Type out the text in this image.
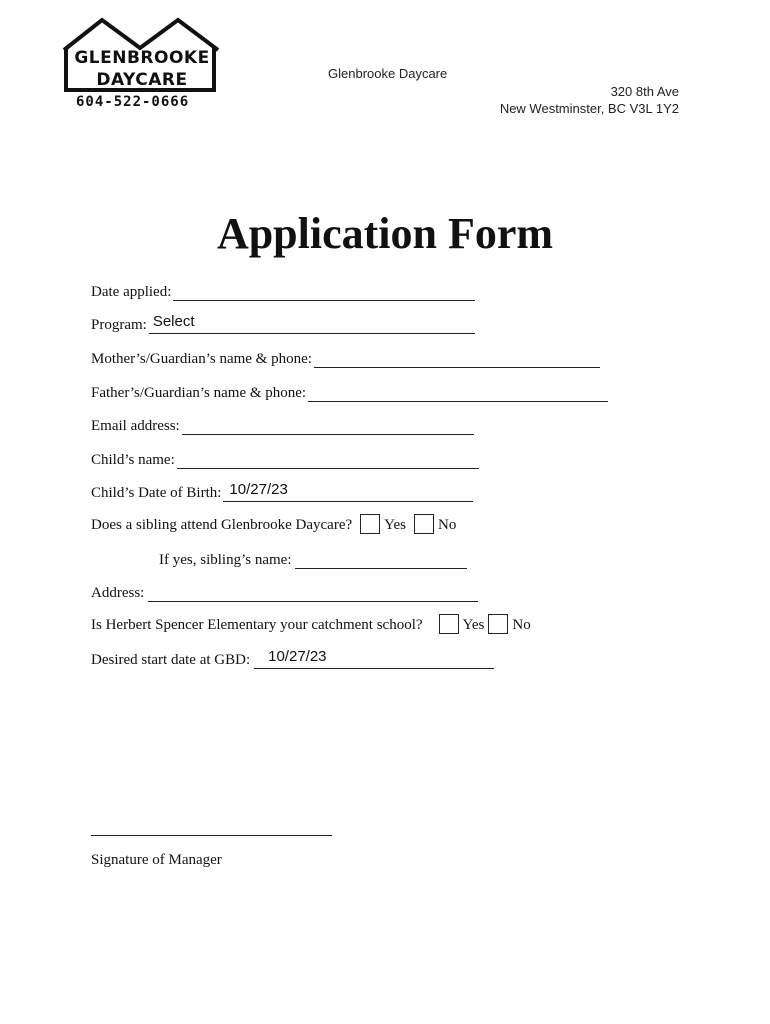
GLENBROOKE
DAYCARE
604-522-0666
Glenbrooke Daycare
320 8th Ave
New Westminster, BC V3L 1Y2
Application Form
Date applied:
Program: Select
Mother’s/Guardian’s name & phone:
Father’s/Guardian’s name & phone:
Email address:
Child’s name:
Child’s Date of Birth: 10/27/23
Does a sibling attend Glenbrooke Daycare? Yes No
If yes, sibling’s name:
Address:
Is Herbert Spencer Elementary your catchment school?	Yes No
Desired start date at GBD: 10/27/23
Signature of Manager
